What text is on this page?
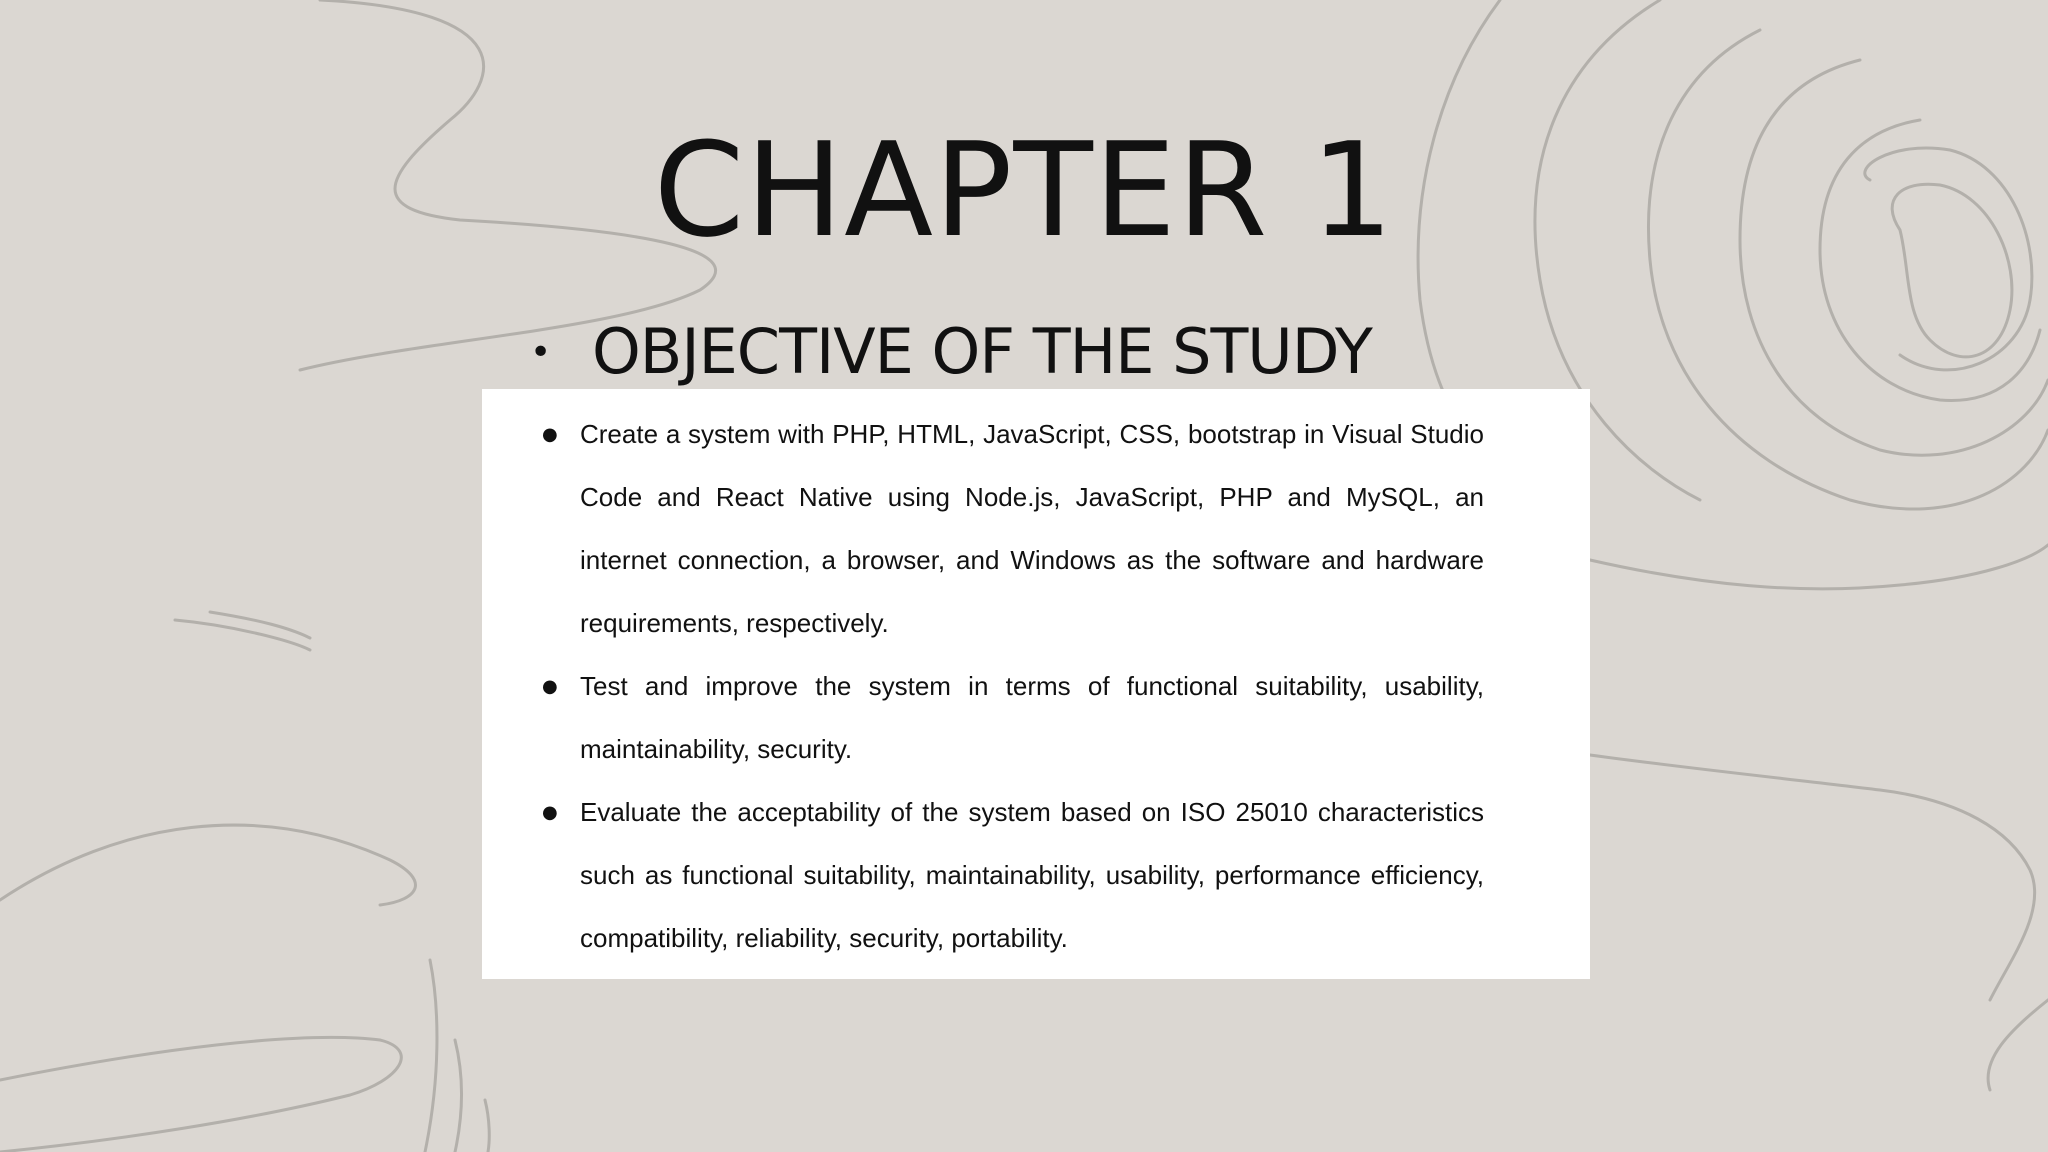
CHAPTER 1
• OBJECTIVE OF THE STUDY
● Create a system with PHP, HTML, JavaScript, CSS, bootstrap in Visual Studio Code and React Native using Node.js, JavaScript, PHP and MySQL, an internet connection, a browser, and Windows as the software and hardware requirements, respectively.
● Test and improve the system in terms of functional suitability, usability, maintainability, security.
● Evaluate the acceptability of the system based on ISO 25010 characteristics such as functional suitability, maintainability, usability, performance efficiency, compatibility, reliability, security, portability.
